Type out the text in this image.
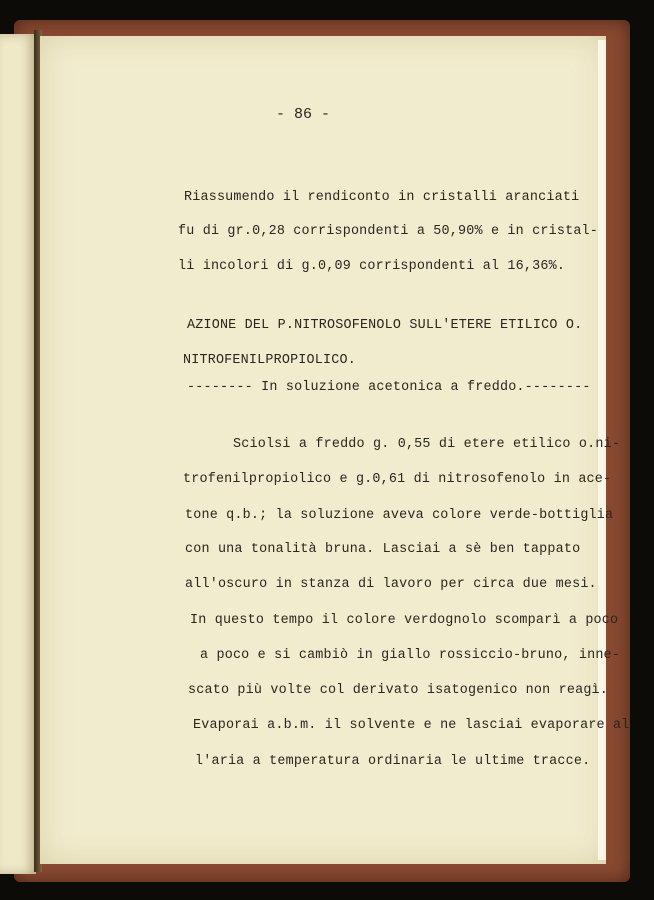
- 86 -

Riassumendo il rendiconto in cristalli aranciati

fu di gr.0,28 corrispondenti a 50,90% e in cristal-

li incolori di g.0,09 corrispondenti al 16,36%.

AZIONE DEL P.NITROSOFENOLO SULL'ETERE ETILICO O.

NITROFENILPROPIOLICO.

-------- In soluzione acetonica a freddo.--------

Sciolsi a freddo g. 0,55 di etere etilico o.ni-

trofenilpropiolico e g.0,61 di nitrosofenolo in ace-

tone q.b.; la soluzione aveva colore verde-bottiglia

con una tonalità bruna. Lasciai a sè ben tappato

all'oscuro in stanza di lavoro per circa due mesi.

In questo tempo il colore verdognolo scomparì a poco

a poco e si cambiò in giallo rossiccio-bruno, inne-

scato più volte col derivato isatogenico non reagì.

Evaporai a.b.m. il solvente e ne lasciai evaporare al

l'aria a temperatura ordinaria le ultime tracce.
